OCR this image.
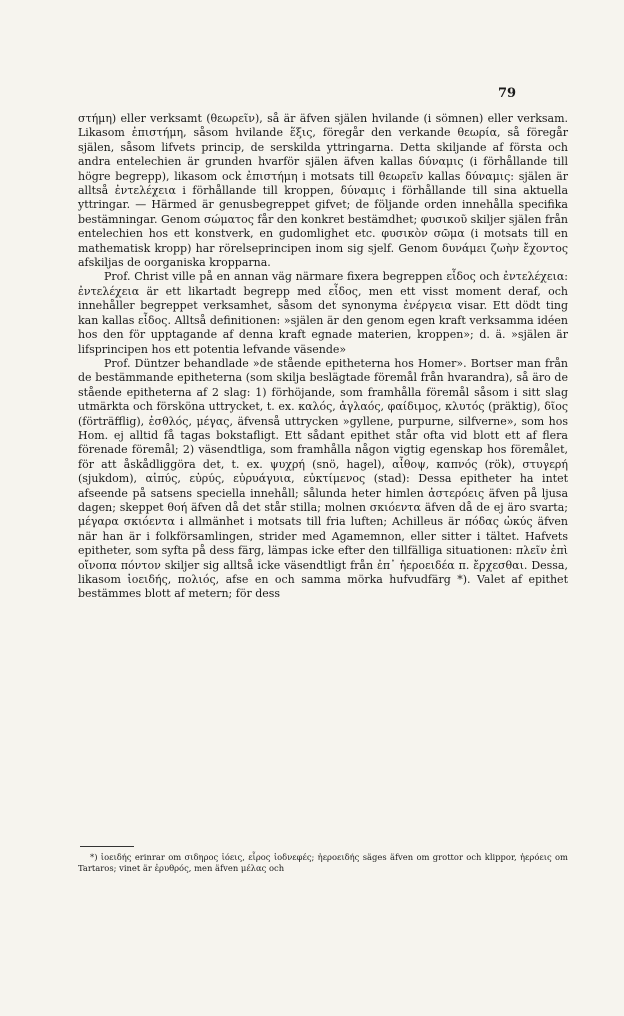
79

στήμη) eller verksamt (θεωρεῖν), så är äfven själen hvilande (i sömnen) eller verksam. Likasom ἐπιστήμη, såsom hvilande ἕξις, föregår den verkande θεωρία, så föregår själen, såsom lifvets princip, de serskilda yttringarna. Detta skiljande af första och andra entelechien är grunden hvarför själen äfven kallas δύναμις (i förhållande till högre begrepp), likasom ock ἐπιστήμη i motsats till θεωρεῖν kallas δύναμις: själen är alltså ἐντελέχεια i förhållande till kroppen, δύναμις i förhållande till sina aktuella yttringar. — Härmed är genusbegreppet gifvet; de följande orden innehålla specifika bestämningar. Genom σώματος får den konkret bestämdhet; φυσικοῦ skiljer själen från entelechien hos ett konstverk, en gudomlighet etc. φυσικὸν σῶμα (i motsats till en mathematisk kropp) har rörelseprincipen inom sig sjelf. Genom δυνάμει ζωὴν ἔχοντος afskiljas de oorganiska kropparna.

Prof. Christ ville på en annan väg närmare fixera begreppen εἶδος och ἐντελέχεια: ἐντελέχεια är ett likartadt begrepp med εἶδος, men ett visst moment deraf, och innehåller begreppet verksamhet, såsom det synonyma ἐνέργεια visar. Ett dödt ting kan kallas εἶδος. Alltså definitionen: »själen är den genom egen kraft verksamma idéen hos den för upptagande af denna kraft egnade materien, kroppen»; d. ä. »själen är lifsprincipen hos ett potentia lefvande väsende»

Prof. Düntzer behandlade »de stående epitheterna hos Homer». Bortser man från de bestämmande epitheterna (som skilja beslägtade föremål från hvarandra), så äro de stående epitheterna af 2 slag: 1) förhöjande, som framhålla föremål såsom i sitt slag utmärkta och försköna uttrycket, t. ex. καλός, ἀγλαός, φαίδιμος, κλυτός (präktig), δῖος (förträfflig), ἐσθλός, μέγας, äfvenså uttrycken »gyllene, purpurne, silfverne», som hos Hom. ej alltid få tagas bokstafligt. Ett sådant epithet står ofta vid blott ett af flera förenade föremål; 2) väsendtliga, som framhålla någon vigtig egenskap hos föremålet, för att åskådliggöra det, t. ex. ψυχρή (snö, hagel), αἶθοψ, καπνός (rök), στυγερή (sjukdom), αἰπύς, εὐρύς, εὐρυάγυια, εὐκτίμενος (stad): Dessa epitheter ha intet afseende på satsens speciella innehåll; sålunda heter himlen ἀστερόεις äfven på ljusa dagen; skeppet θοή äfven då det står stilla; molnen σκιόεντα äfven då de ej äro svarta; μέγαρα σκιόεντα i allmänhet i motsats till fria luften; Achilleus är πόδας ὠκύς äfven när han är i folkförsamlingen, strider med Agamemnon, eller sitter i tältet. Hafvets epitheter, som syfta på dess färg, lämpas icke efter den tillfälliga situationen: πλεῖν ἐπὶ οἴνοπα πόντον skiljer sig alltså icke väsendtligt från ἐπ᾽ ἠεροειδέα π. ἔρχεσθαι. Dessa, likasom ἰοειδής, πολιός, afse en och samma mörka hufvudfärg *). Valet af epithet bestämmes blott af metern; för dess

*) ἰοειδής erinrar om σιδηρος ἰόεις, εἶρος ἰοδνεφές; ἠεροειδής säges äfven om grottor och klippor, ἠερόεις om Tartaros; vinet är ἐρυθρός, men äfven μέλας och
